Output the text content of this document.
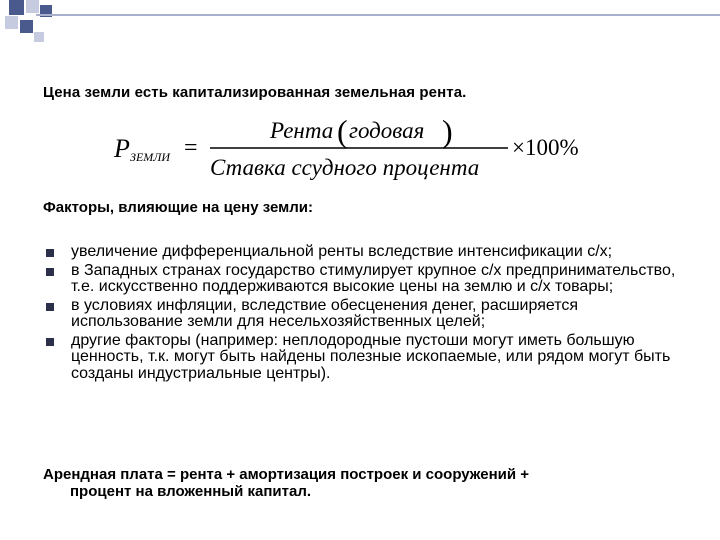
Цена земли есть капитализированная земельная рента.
P ЗЕМЛИ =
Рента ( годовая )
Ставка ссудного процента
×100%
Факторы, влияющие на цену земли:
увеличение дифференциальной ренты вследствие интенсификации с/х;
в Западных странах государство стимулирует крупное с/х предпринимательство, т.е. искусственно поддерживаются высокие цены на землю и с/х товары;
в условиях инфляции, вследствие обесценения денег, расширяется использование земли для несельхозяйственных целей;
другие факторы (например: неплодородные пустоши могут иметь большую ценность, т.к. могут быть найдены полезные ископаемые, или рядом могут быть созданы индустриальные центры).
Арендная плата = рента + амортизация построек и сооружений +
процент на вложенный капитал.
